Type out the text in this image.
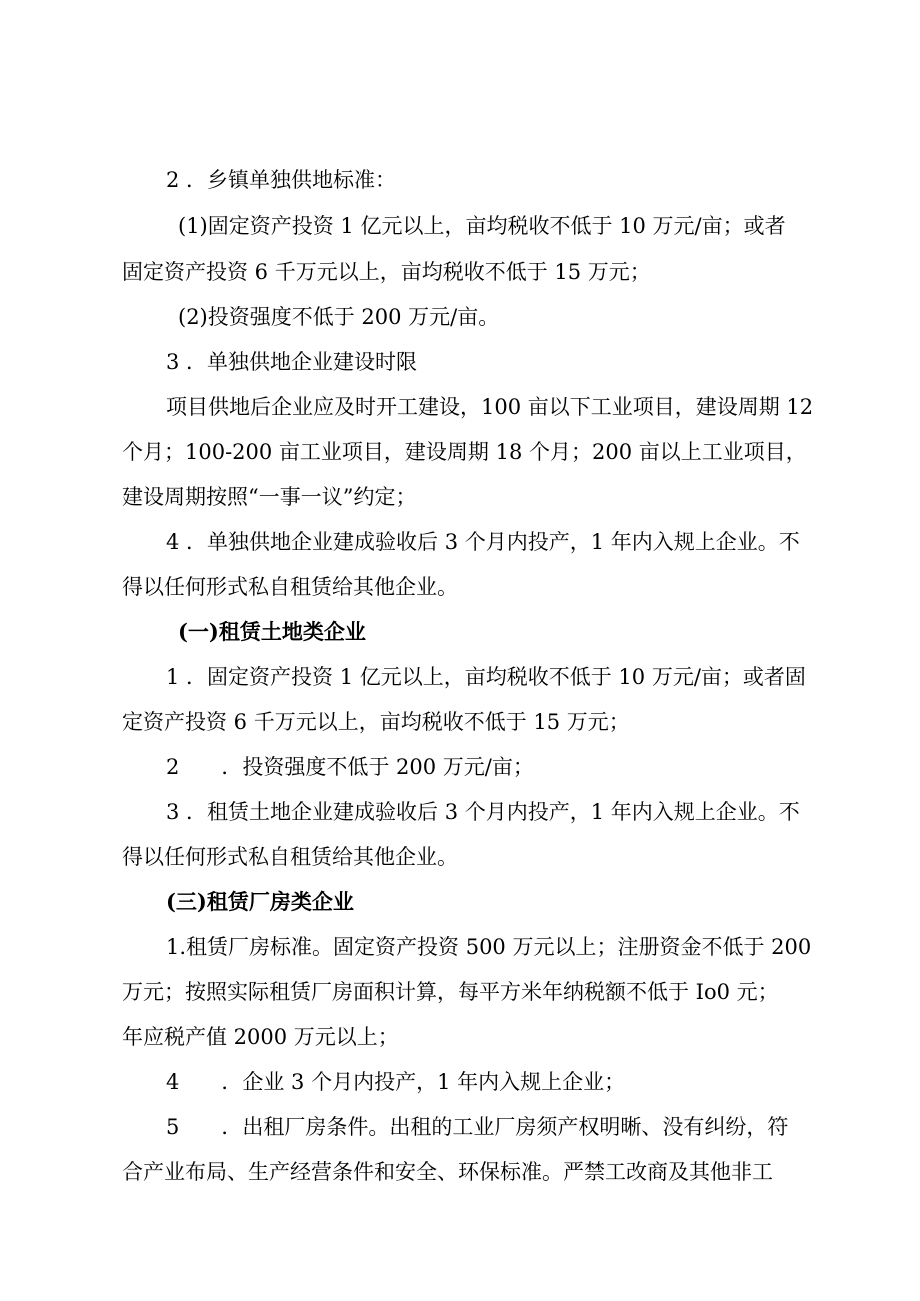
2 ．乡镇单独供地标准：

(1)固定资产投资 1 亿元以上，亩均税收不低于 10 万元/亩；或者

固定资产投资 6 千万元以上，亩均税收不低于 15 万元；

(2)投资强度不低于 200 万元/亩。

3 ．单独供地企业建设时限

项目供地后企业应及时开工建设，100 亩以下工业项目，建设周期 12

个月；100-200 亩工业项目，建设周期 18 个月；200 亩以上工业项目，

建设周期按照“一事一议”约定；

4 ．单独供地企业建成验收后 3 个月内投产，1 年内入规上企业。不

得以任何形式私自租赁给其他企业。

(一)租赁土地类企业

1 ．固定资产投资 1 亿元以上，亩均税收不低于 10 万元/亩；或者固

定资产投资 6 千万元以上，亩均税收不低于 15 万元；

2　　．投资强度不低于 200 万元/亩；

3 ．租赁土地企业建成验收后 3 个月内投产，1 年内入规上企业。不

得以任何形式私自租赁给其他企业。

(三)租赁厂房类企业

1.租赁厂房标准。固定资产投资 500 万元以上；注册资金不低于 200

万元；按照实际租赁厂房面积计算，每平方米年纳税额不低于 Io0 元；

年应税产值 2000 万元以上；

4　　．企业 3 个月内投产，1 年内入规上企业；

5　　．出租厂房条件。出租的工业厂房须产权明晰、没有纠纷，符

合产业布局、生产经营条件和安全、环保标准。严禁工改商及其他非工
